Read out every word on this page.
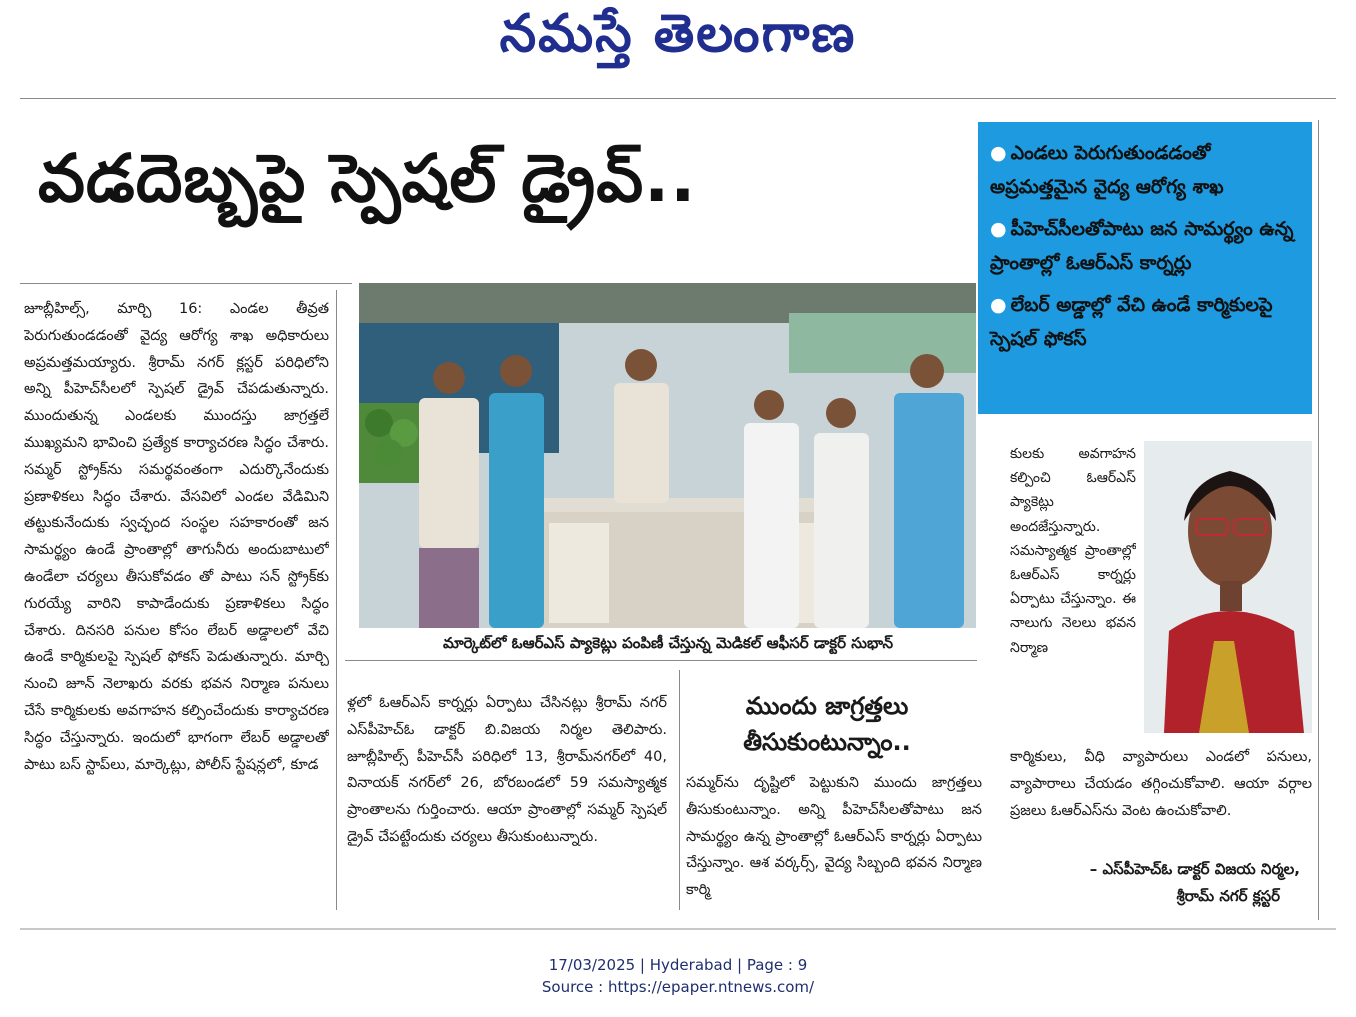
నమస్తే తెలంగాణ
వడదెబ్బపై స్పెషల్ డ్రైవ్..	● ఎండలు పెరుగుతుండడంతో అప్రమత్తమైన వైద్య ఆరోగ్య శాఖ
● పీహెచ్‌సీలతోపాటు జన సామర్థ్యం ఉన్న ప్రాంతాల్లో ఓఆర్‌ఎస్ కార్నర్లు
● లేబర్ అడ్డాల్లో వేచి ఉండే కార్మికులపై స్పెషల్ ఫోకస్
జూబ్లీహిల్స్, మార్చి 16: ఎండల తీవ్రత పెరుగుతుండడంతో వైద్య ఆరోగ్య శాఖ అధికారులు అప్రమత్తమయ్యారు. శ్రీరామ్ నగర్ క్లస్టర్ పరిధిలోని అన్ని పీహెచ్‌సీలలో స్పెషల్ డ్రైవ్ చేపడుతున్నారు. ముందుతున్న ఎండలకు ముందస్తు జాగ్రత్తలే ముఖ్యమని భావించి ప్రత్యేక కార్యాచరణ సిద్ధం చేశారు. సమ్మర్ స్ట్రోక్‌ను సమర్థవంతంగా ఎదుర్కొనేందుకు ప్రణాళికలు సిద్ధం చేశారు. వేసవిలో ఎండల వేడిమిని తట్టుకునేందుకు స్వచ్ఛంద సంస్థల సహకారంతో జన సామర్థ్యం ఉండే ప్రాంతాల్లో తాగునీరు అందుబాటులో ఉండేలా చర్యలు తీసుకోవడం తో పాటు సన్ స్ట్రోక్‌కు గురయ్యే వారిని కాపాడేందుకు ప్రణాళికలు సిద్ధం చేశారు. దినసరి పనుల కోసం లేబర్ అడ్డాలలో వేచి ఉండే కార్మికులపై స్పెషల్ ఫోకస్ పెడుతున్నారు. మార్చి నుంచి జూన్ నెలాఖరు వరకు భవన నిర్మాణ పనులు చేసే కార్మికులకు అవగాహన కల్పించేందుకు కార్యాచరణ సిద్ధం చేస్తున్నారు. ఇందులో భాగంగా లేబర్ అడ్డాలతో పాటు బస్ స్టాప్‌లు, మార్కెట్లు, పోలీస్ స్టేషన్లలో, కూడ
మార్కెట్‌లో ఓఆర్‌ఎస్ ప్యాకెట్లు పంపిణీ చేస్తున్న మెడికల్ ఆఫీసర్ డాక్టర్ సుభాన్
ళ్లలో ఓఆర్‌ఎస్ కార్నర్లు ఏర్పాటు చేసినట్లు శ్రీరామ్ నగర్ ఎస్‌పీహెచ్‌ఓ డాక్టర్ బి.విజయ నిర్మల తెలిపారు. జూబ్లీహిల్స్ పీహెచ్‌సీ పరిధిలో 13, శ్రీరామ్‌నగర్‌లో 40, వినాయక్ నగర్‌లో 26, బోరబండలో 59 సమస్యాత్మక ప్రాంతాలను గుర్తించారు. ఆయా ప్రాంతాల్లో సమ్మర్ స్పెషల్ డ్రైవ్ చేపట్టేందుకు చర్యలు తీసుకుంటున్నారు.
ముందు జాగ్రత్తలు తీసుకుంటున్నాం..
సమ్మర్‌ను దృష్టిలో పెట్టుకుని ముందు జాగ్రత్తలు తీసుకుంటున్నాం. అన్ని పీహెచ్‌సీలతోపాటు జన సామర్థ్యం ఉన్న ప్రాంతాల్లో ఓఆర్‌ఎస్ కార్నర్లు ఏర్పాటు చేస్తున్నాం. ఆశ వర్కర్స్, వైద్య సిబ్బంది భవన నిర్మాణ కార్మి
కులకు అవగాహన కల్పించి ఓఆర్‌ఎస్ ప్యాకెట్లు అందజేస్తున్నారు. సమస్యాత్మక ప్రాంతాల్లో ఓఆర్‌ఎస్ కార్నర్లు ఏర్పాటు చేస్తున్నాం. ఈ నాలుగు నెలలు భవన నిర్మాణ
కార్మికులు, వీధి వ్యాపారులు ఎండలో పనులు, వ్యాపారాలు చేయడం తగ్గించుకోవాలి. ఆయా వర్గాల ప్రజలు ఓఆర్‌ఎస్‌ను వెంట ఉంచుకోవాలి.
– ఎస్‌పీహెచ్‌ఓ డాక్టర్ విజయ నిర్మల,
శ్రీరామ్ నగర్ క్లస్టర్
17/03/2025 | Hyderabad | Page : 9
Source : https://epaper.ntnews.com/
